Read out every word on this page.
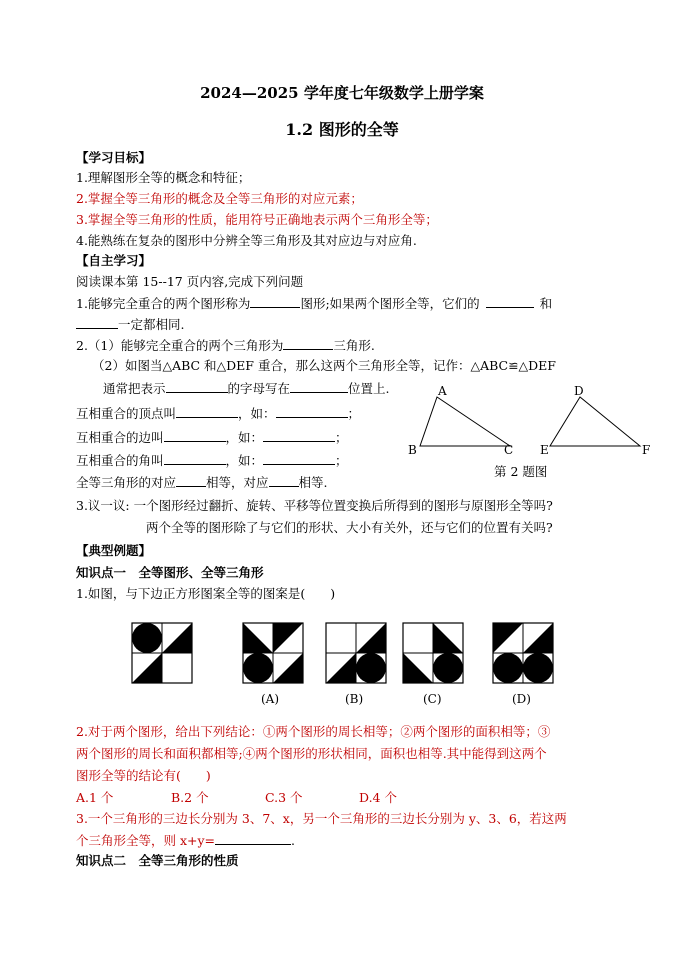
2024—2025 学年度七年级数学上册学案
1.2 图形的全等
【学习目标】
1.理解图形全等的概念和特征；
2.掌握全等三角形的概念及全等三角形的对应元素；
3.掌握全等三角形的性质，能用符号正确地表示两个三角形全等；
4.能熟练在复杂的图形中分辨全等三角形及其对应边与对应角.
【自主学习】
阅读课本第 15--17 页内容,完成下列问题
1.能够完全重合的两个图形称为	图形;如果两个图形全等，它们的	和
一定都相同.
2.（1）能够完全重合的两个三角形为	三角形.
（2）如图当△ABC 和△DEF 重合，那么这两个三角形全等，记作：△ABC≌△DEF
通常把表示	的字母写在	位置上.
互相重合的顶点叫	，如：	；
互相重合的边叫	，如：	；
互相重合的角叫	，如：	；
全等三角形的对应 相等，对应 相等.
A
B	C
D
E	F
第 2 题图
3.议一议: 一个图形经过翻折、旋转、平移等位置变换后所得到的图形与原图形全等吗?
两个全等的图形除了与它们的形状、大小有关外，还与它们的位置有关吗?
【典型例题】
知识点一　全等图形、全等三角形
1.如图，与下边正方形图案全等的图案是(　　)
(A)	(B)	(C)	(D)
2.对于两个图形，给出下列结论：①两个图形的周长相等；②两个图形的面积相等；③
两个图形的周长和面积都相等;④两个图形的形状相同，面积也相等.其中能得到这两个
图形全等的结论有(　　)
A.1 个	B.2 个	C.3 个	D.4 个
3.一个三角形的三边长分别为 3、7、x，另一个三角形的三边长分别为 y、3、6，若这两
个三角形全等，则 x+y=	.
知识点二　全等三角形的性质
